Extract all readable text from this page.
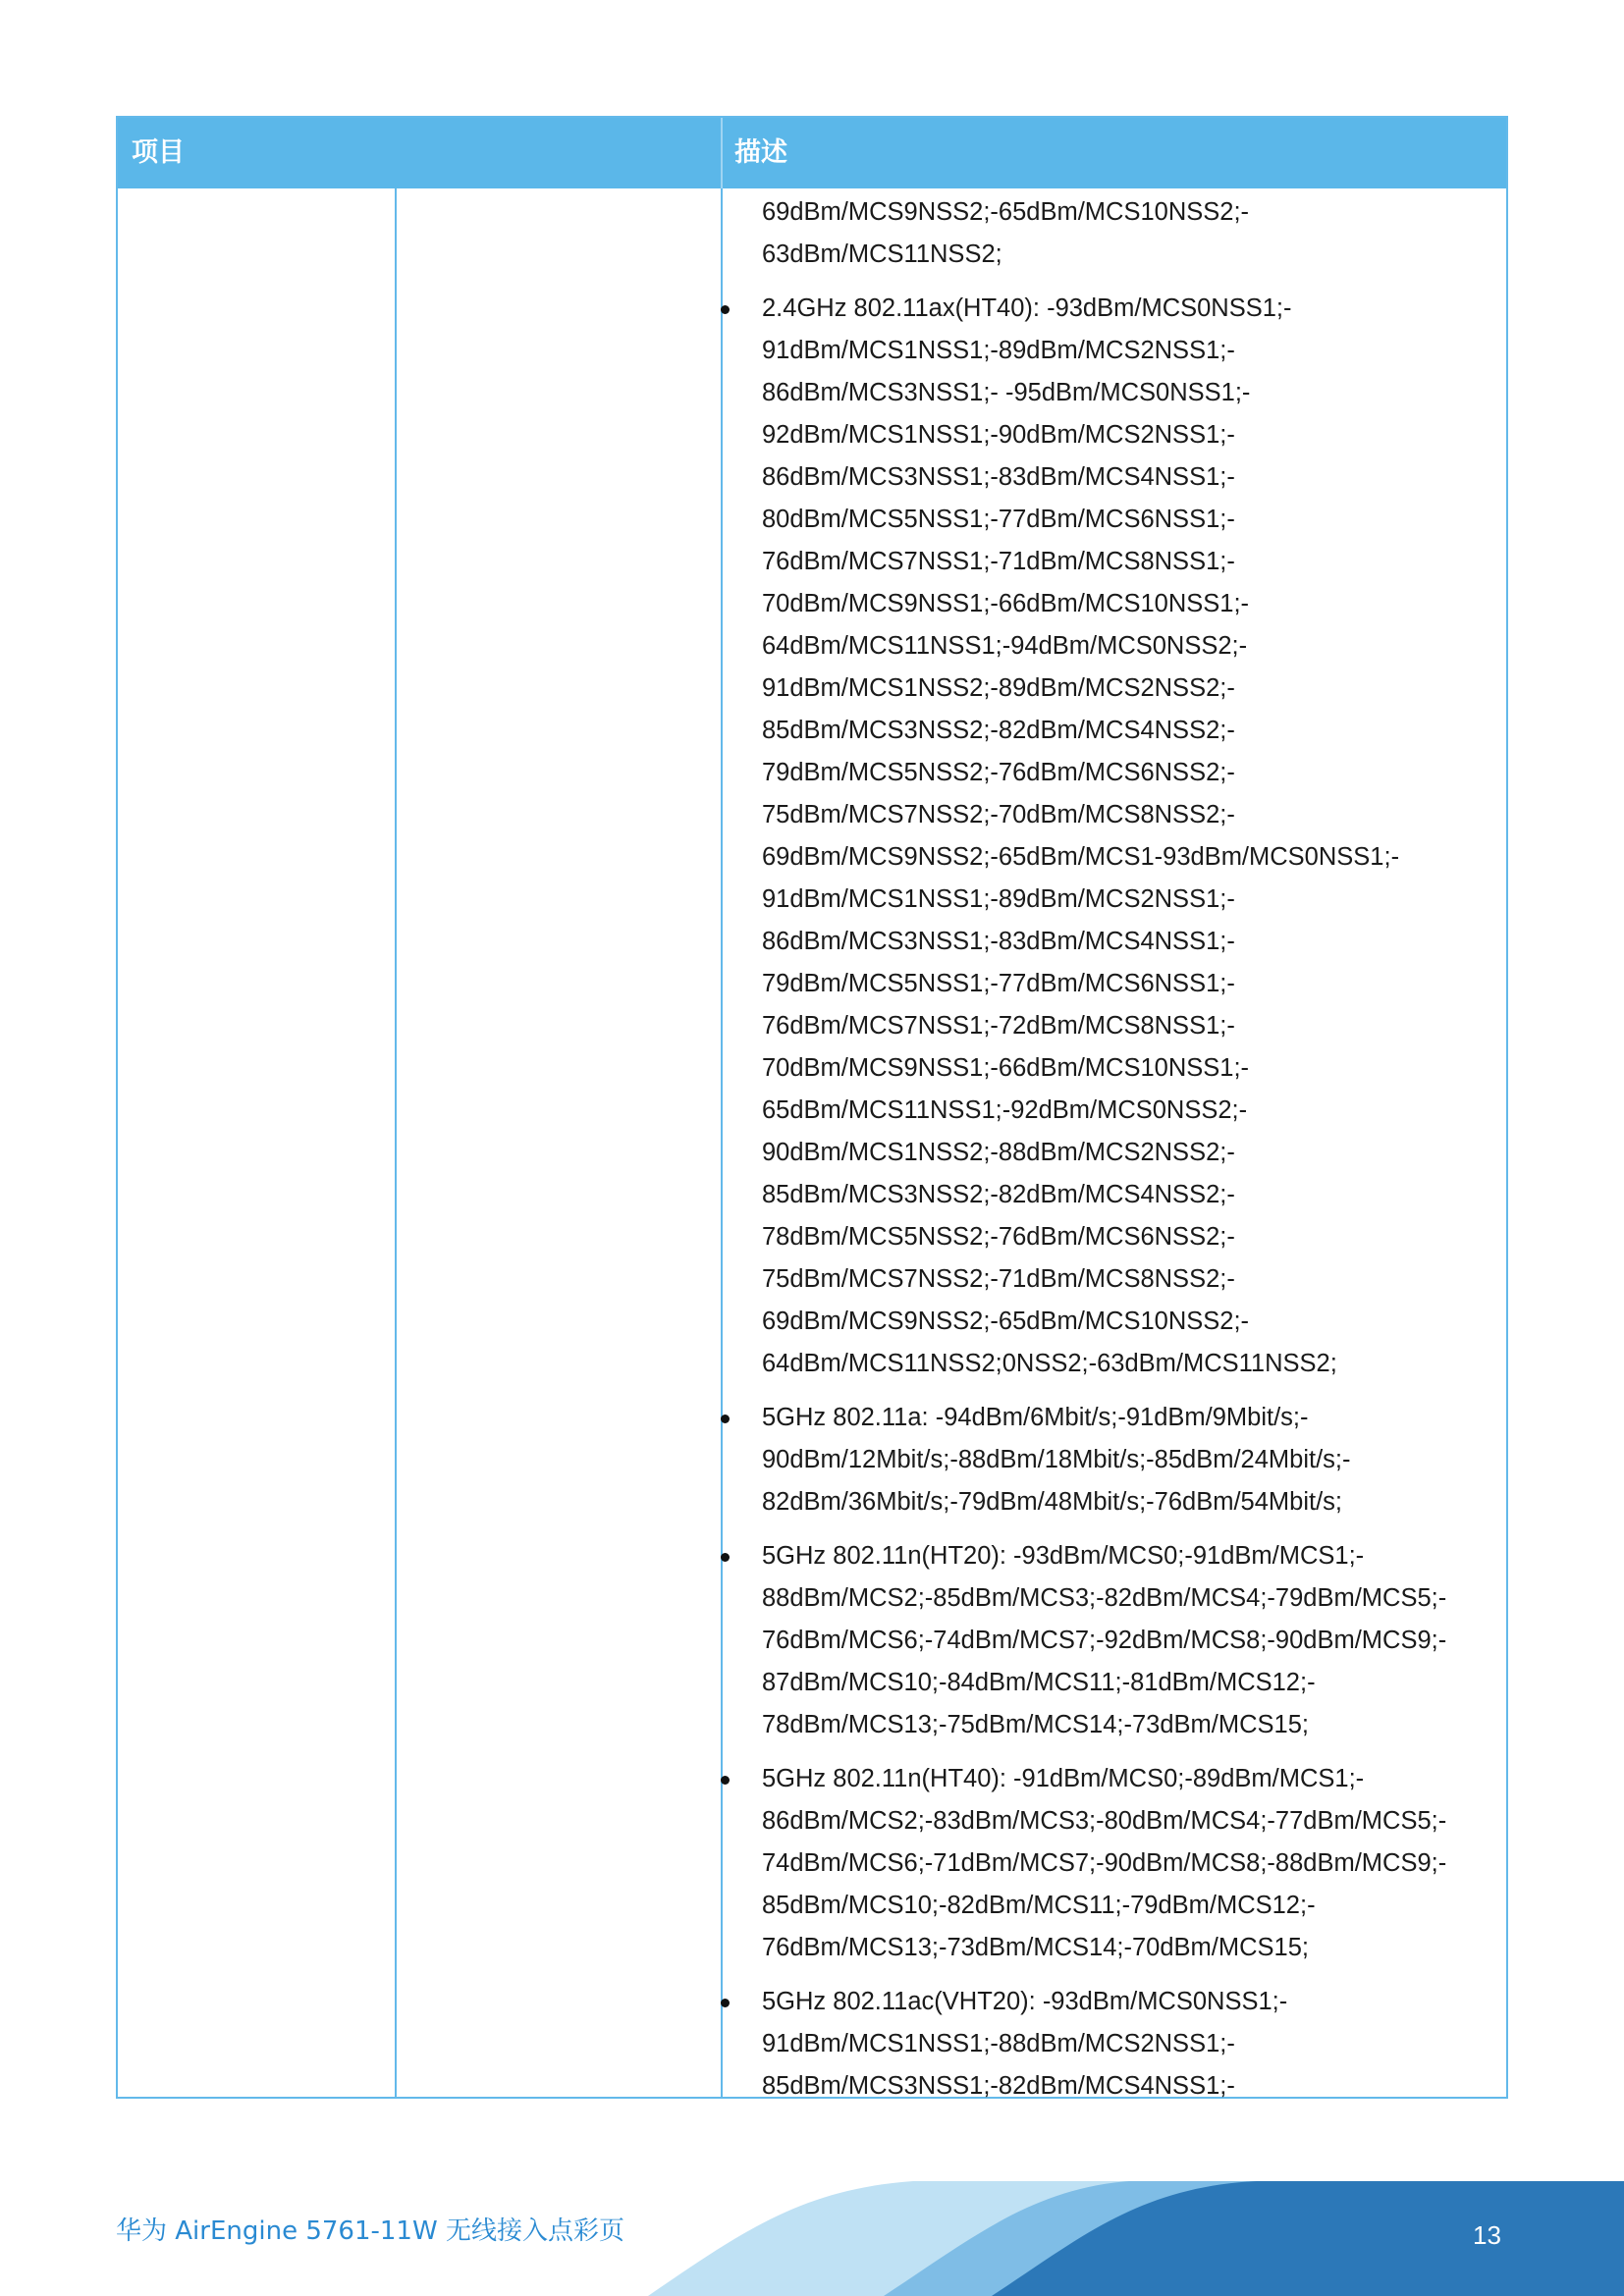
项目	描述

69dBm/MCS9NSS2;-65dBm/MCS10NSS2;-
63dBm/MCS11NSS2;

2.4GHz 802.11ax(HT40): -93dBm/MCS0NSS1;-
91dBm/MCS1NSS1;-89dBm/MCS2NSS1;-
86dBm/MCS3NSS1;- -95dBm/MCS0NSS1;-
92dBm/MCS1NSS1;-90dBm/MCS2NSS1;-
86dBm/MCS3NSS1;-83dBm/MCS4NSS1;-
80dBm/MCS5NSS1;-77dBm/MCS6NSS1;-
76dBm/MCS7NSS1;-71dBm/MCS8NSS1;-
70dBm/MCS9NSS1;-66dBm/MCS10NSS1;-
64dBm/MCS11NSS1;-94dBm/MCS0NSS2;-
91dBm/MCS1NSS2;-89dBm/MCS2NSS2;-
85dBm/MCS3NSS2;-82dBm/MCS4NSS2;-
79dBm/MCS5NSS2;-76dBm/MCS6NSS2;-
75dBm/MCS7NSS2;-70dBm/MCS8NSS2;-
69dBm/MCS9NSS2;-65dBm/MCS1-93dBm/MCS0NSS1;-
91dBm/MCS1NSS1;-89dBm/MCS2NSS1;-
86dBm/MCS3NSS1;-83dBm/MCS4NSS1;-
79dBm/MCS5NSS1;-77dBm/MCS6NSS1;-
76dBm/MCS7NSS1;-72dBm/MCS8NSS1;-
70dBm/MCS9NSS1;-66dBm/MCS10NSS1;-
65dBm/MCS11NSS1;-92dBm/MCS0NSS2;-
90dBm/MCS1NSS2;-88dBm/MCS2NSS2;-
85dBm/MCS3NSS2;-82dBm/MCS4NSS2;-
78dBm/MCS5NSS2;-76dBm/MCS6NSS2;-
75dBm/MCS7NSS2;-71dBm/MCS8NSS2;-
69dBm/MCS9NSS2;-65dBm/MCS10NSS2;-
64dBm/MCS11NSS2;0NSS2;-63dBm/MCS11NSS2;
5GHz 802.11a: -94dBm/6Mbit/s;-91dBm/9Mbit/s;-
90dBm/12Mbit/s;-88dBm/18Mbit/s;-85dBm/24Mbit/s;-
82dBm/36Mbit/s;-79dBm/48Mbit/s;-76dBm/54Mbit/s;
5GHz 802.11n(HT20): -93dBm/MCS0;-91dBm/MCS1;-
88dBm/MCS2;-85dBm/MCS3;-82dBm/MCS4;-79dBm/MCS5;-
76dBm/MCS6;-74dBm/MCS7;-92dBm/MCS8;-90dBm/MCS9;-
87dBm/MCS10;-84dBm/MCS11;-81dBm/MCS12;-
78dBm/MCS13;-75dBm/MCS14;-73dBm/MCS15;
5GHz 802.11n(HT40): -91dBm/MCS0;-89dBm/MCS1;-
86dBm/MCS2;-83dBm/MCS3;-80dBm/MCS4;-77dBm/MCS5;-
74dBm/MCS6;-71dBm/MCS7;-90dBm/MCS8;-88dBm/MCS9;-
85dBm/MCS10;-82dBm/MCS11;-79dBm/MCS12;-
76dBm/MCS13;-73dBm/MCS14;-70dBm/MCS15;
5GHz 802.11ac(VHT20): -93dBm/MCS0NSS1;-
91dBm/MCS1NSS1;-88dBm/MCS2NSS1;-
85dBm/MCS3NSS1;-82dBm/MCS4NSS1;-
华为 AirEngine 5761-11W 无线接入点彩页	13
